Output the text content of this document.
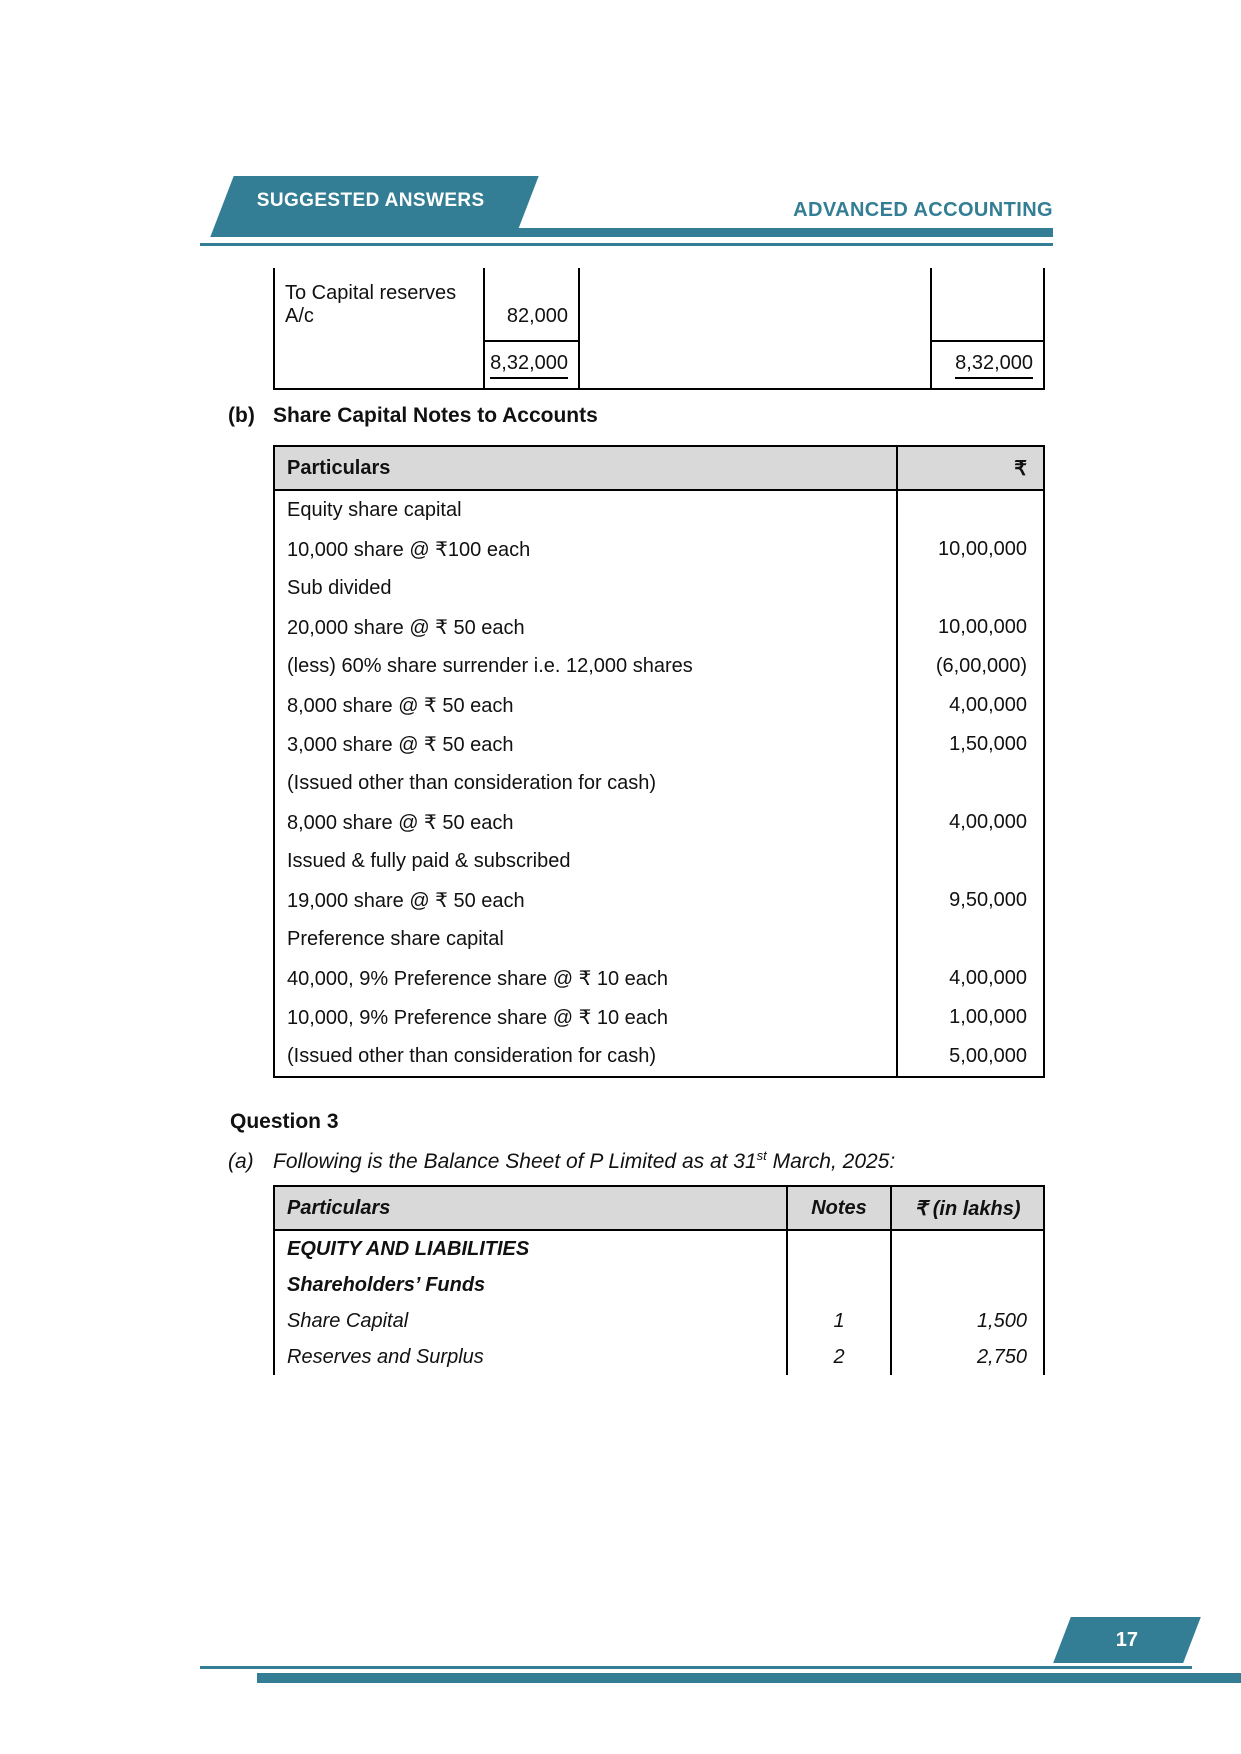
SUGGESTED ANSWERS	ADVANCED ACCOUNTING
To Capital reserves A/c	82,000
8,32,000	8,32,000
(b) Share Capital Notes to Accounts
Particulars	₹
Equity share capital
10,000 share @ ₹100 each	10,00,000
Sub divided
20,000 share @ ₹ 50 each	10,00,000
(less) 60% share surrender i.e. 12,000 shares	(6,00,000)
8,000 share @ ₹ 50 each	4,00,000
3,000 share @ ₹ 50 each	1,50,000
(Issued other than consideration for cash)
8,000 share @ ₹ 50 each	4,00,000
Issued & fully paid & subscribed
19,000 share @ ₹ 50 each	9,50,000
Preference share capital
40,000, 9% Preference share @ ₹ 10 each	4,00,000
10,000, 9% Preference share @ ₹ 10 each	1,00,000
(Issued other than consideration for cash)	5,00,000
Question 3
(a) Following is the Balance Sheet of P Limited as at 31st March, 2025:
Particulars	Notes	₹ (in lakhs)
EQUITY AND LIABILITIES
Shareholders’ Funds
Share Capital	1	1,500
Reserves and Surplus	2	2,750
17
